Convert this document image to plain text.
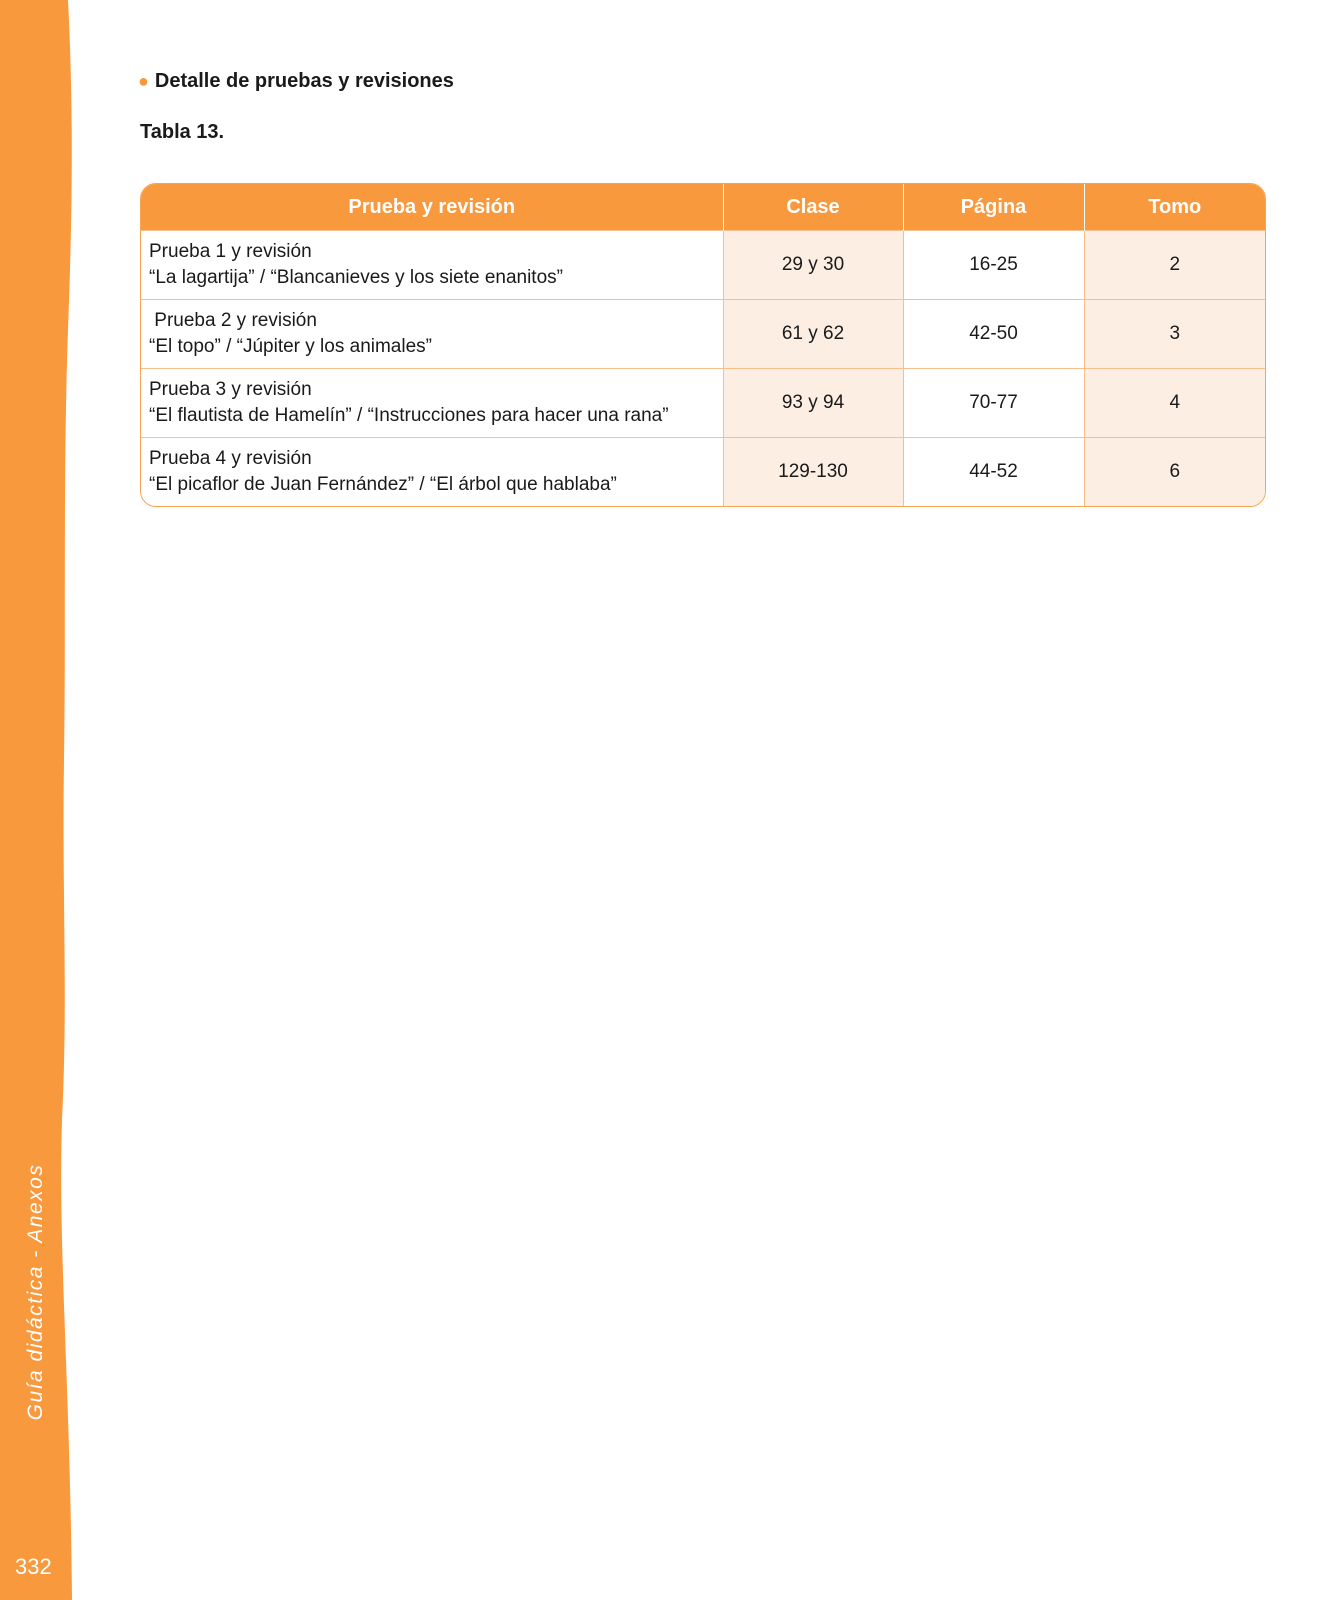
Guía didáctica - Anexos
332
● Detalle de pruebas y revisiones
Tabla 13.
Prueba y revisión	Clase	Página	Tomo

Prueba 1 y revisión
“La lagartija” / “Blancanieves y los siete enanitos”	29 y 30	16-25	2

Prueba 2 y revisión
“El topo” / “Júpiter y los animales”	61 y 62	42-50	3

Prueba 3 y revisión
“El flautista de Hamelín” / “Instrucciones para hacer una rana”	93 y 94	70-77	4

Prueba 4 y revisión
“El picaflor de Juan Fernández” / “El árbol que hablaba”	129-130	44-52	6
